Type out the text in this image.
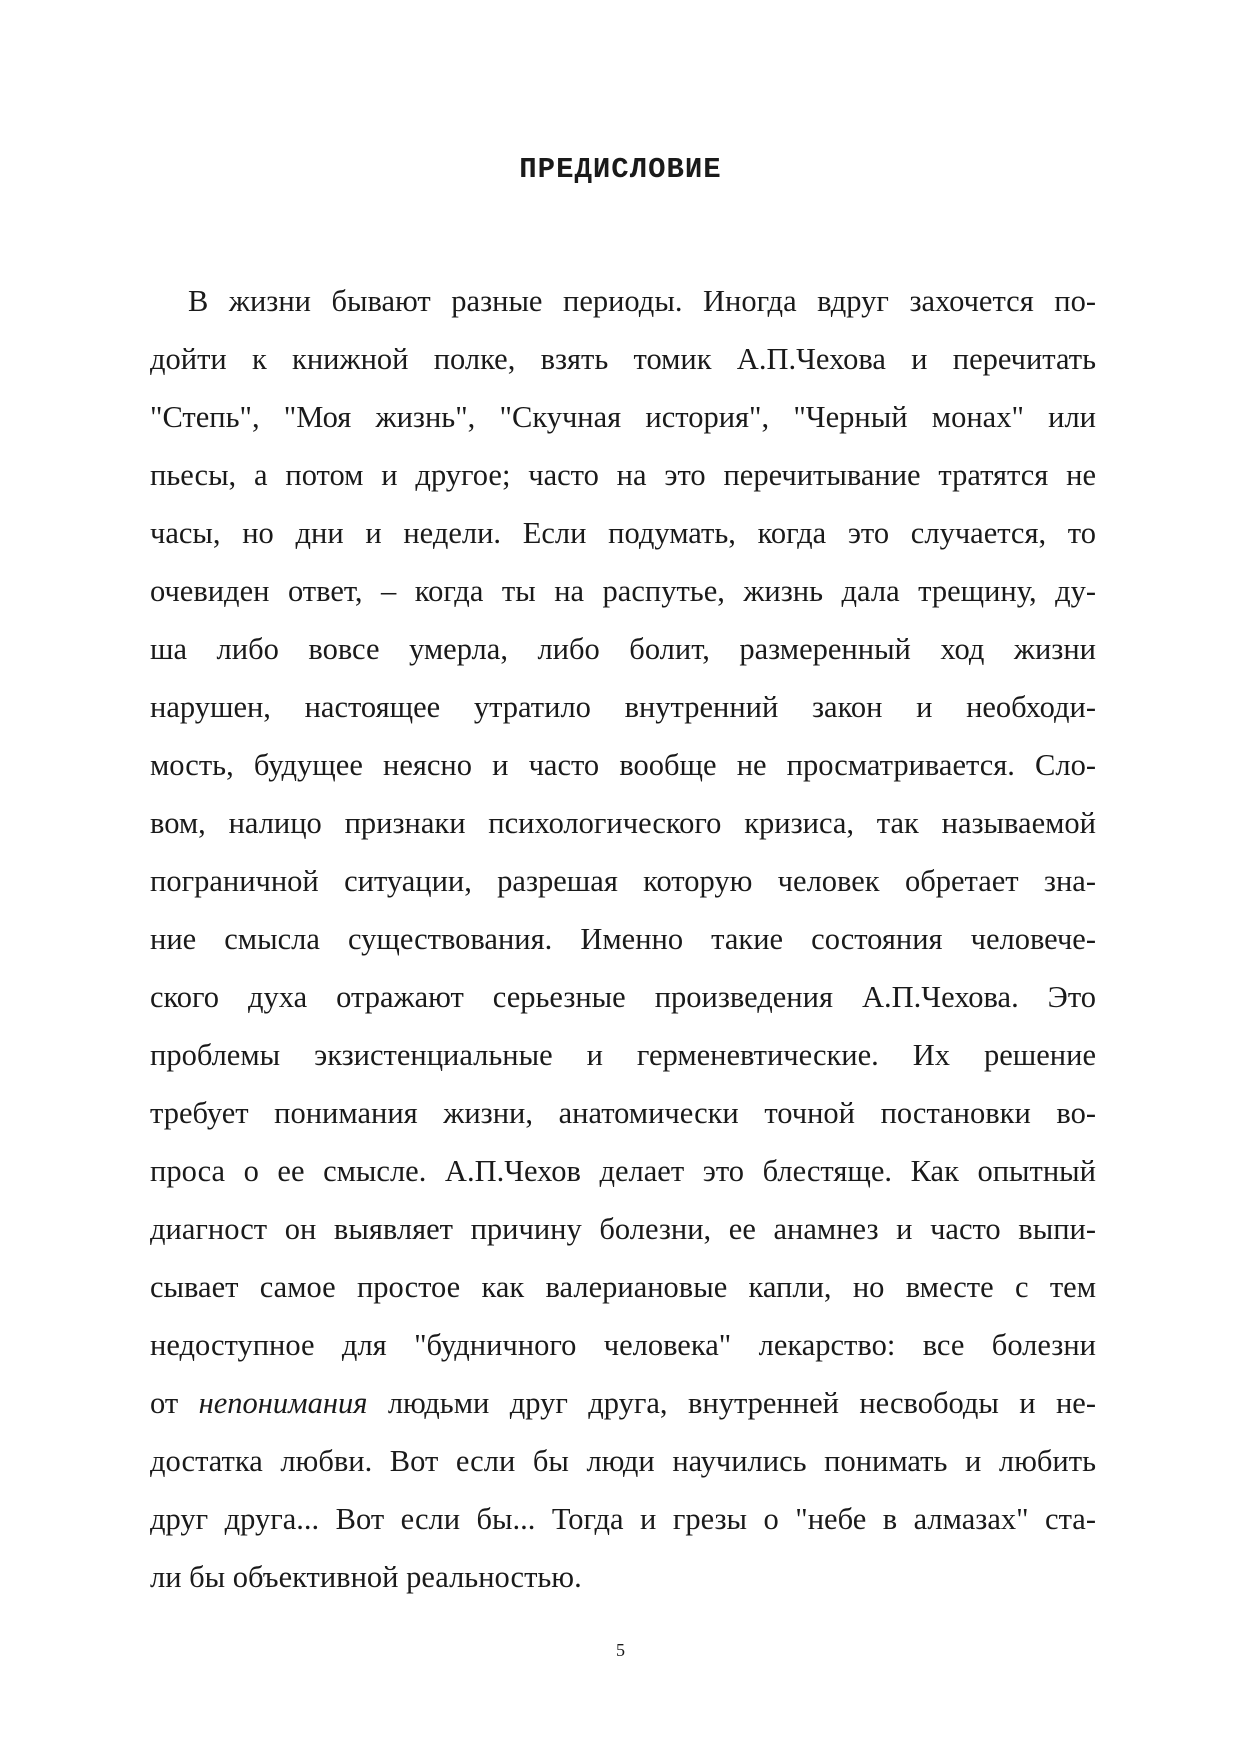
ПРЕДИСЛОВИЕ
В жизни бывают разные периоды. Иногда вдруг захочется по-
дойти к книжной полке, взять томик А.П.Чехова и перечитать
"Степь", "Моя жизнь", "Скучная история", "Черный монах" или
пьесы, а потом и другое; часто на это перечитывание тратятся не
часы, но дни и недели. Если подумать, когда это случается, то
очевиден ответ, – когда ты на распутье, жизнь дала трещину, ду-
ша либо вовсе умерла, либо болит, размеренный ход жизни
нарушен, настоящее утратило внутренний закон и необходи-
мость, будущее неясно и часто вообще не просматривается. Сло-
вом, налицо признаки психологического кризиса, так называемой
пограничной ситуации, разрешая которую человек обретает зна-
ние смысла существования. Именно такие состояния человече-
ского духа отражают серьезные произведения А.П.Чехова. Это
проблемы экзистенциальные и герменевтические. Их решение
требует понимания жизни, анатомически точной постановки во-
проса о ее смысле. А.П.Чехов делает это блестяще. Как опытный
диагност он выявляет причину болезни, ее анамнез и часто выпи-
сывает самое простое как валериановые капли, но вместе с тем
недоступное для "будничного человека" лекарство: все болезни
от непонимания людьми друг друга, внутренней несвободы и не-
достатка любви. Вот если бы люди научились понимать и любить
друг друга... Вот если бы... Тогда и грезы о "небе в алмазах" ста-
ли бы объективной реальностью.
5
